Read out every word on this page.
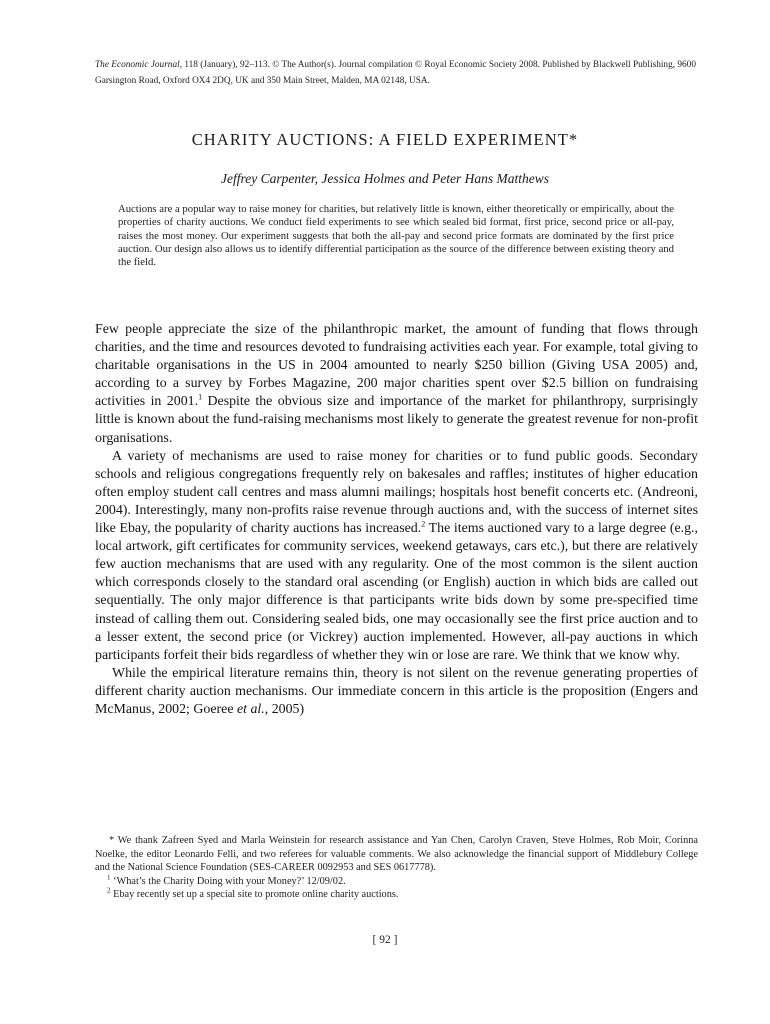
The Economic Journal, 118 (January), 92–113. © The Author(s). Journal compilation © Royal Economic Society 2008. Published by Blackwell Publishing, 9600 Garsington Road, Oxford OX4 2DQ, UK and 350 Main Street, Malden, MA 02148, USA.
CHARITY AUCTIONS: A FIELD EXPERIMENT*
Jeffrey Carpenter, Jessica Holmes and Peter Hans Matthews
Auctions are a popular way to raise money for charities, but relatively little is known, either theoretically or empirically, about the properties of charity auctions. We conduct field experiments to see which sealed bid format, first price, second price or all-pay, raises the most money. Our experiment suggests that both the all-pay and second price formats are dominated by the first price auction. Our design also allows us to identify differential participation as the source of the difference between existing theory and the field.

Few people appreciate the size of the philanthropic market, the amount of funding that flows through charities, and the time and resources devoted to fundraising activities each year. For example, total giving to charitable organisations in the US in 2004 amounted to nearly $250 billion (Giving USA 2005) and, according to a survey by Forbes Magazine, 200 major charities spent over $2.5 billion on fundraising activities in 2001.$^1$ Despite the obvious size and importance of the market for philanthropy, surprisingly little is known about the fund-raising mechanisms most likely to generate the greatest revenue for non-profit organisations.

A variety of mechanisms are used to raise money for charities or to fund public goods. Secondary schools and religious congregations frequently rely on bakesales and raffles; institutes of higher education often employ student call centres and mass alumni mailings; hospitals host benefit concerts etc. (Andreoni, 2004). Interestingly, many non-profits raise revenue through auctions and, with the success of internet sites like Ebay, the popularity of charity auctions has increased.$^2$ The items auctioned vary to a large degree (e.g., local artwork, gift certificates for community services, weekend getaways, cars etc.), but there are relatively few auction mechanisms that are used with any regularity. One of the most common is the silent auction which corresponds closely to the standard oral ascending (or English) auction in which bids are called out sequentially. The only major difference is that participants write bids down by some pre-specified time instead of calling them out. Considering sealed bids, one may occasionally see the first price auction and to a lesser extent, the second price (or Vickrey) auction implemented. However, all-pay auctions in which participants forfeit their bids regardless of whether they win or lose are rare. We think that we know why.

While the empirical literature remains thin, theory is not silent on the revenue generating properties of different charity auction mechanisms. Our immediate concern in this article is the proposition (Engers and McManus, 2002; Goeree et al., 2005)

* We thank Zafreen Syed and Marla Weinstein for research assistance and Yan Chen, Carolyn Craven, Steve Holmes, Rob Moir, Corinna Noelke, the editor Leonardo Felli, and two referees for valuable comments. We also acknowledge the financial support of Middlebury College and the National Science Foundation (SES-CAREER 0092953 and SES 0617778).

$^1$ ‘What’s the Charity Doing with your Money?’ 12/09/02.

$^2$ Ebay recently set up a special site to promote online charity auctions.

[ 92 ]
